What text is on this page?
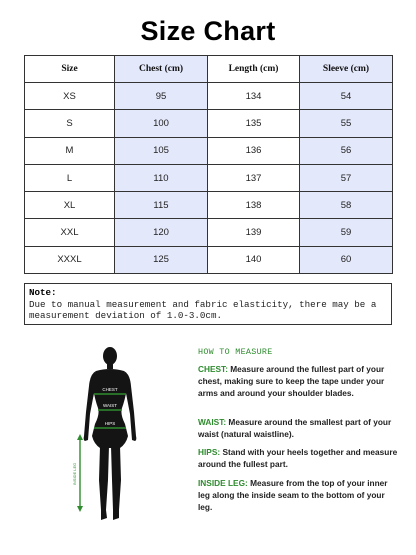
Size Chart
Size	Chest (cm)	Length (cm)	Sleeve (cm)
XS	95	134	54
S	100	135	55
M	105	136	56
L	110	137	57
XL	115	138	58
XXL	120	139	59
XXXL	125	140	60
Note:
Due to manual measurement and fabric elasticity, there may be a measurement deviation of 1.0-3.0cm.
CHEST
WAIST
HIPS
INSIDE LEG
HOW TO MEASURE
CHEST: Measure around the fullest part of your chest, making sure to keep the tape under your arms and around your shoulder blades.
WAIST: Measure around the smallest part of your waist (natural waistline).
HIPS: Stand with your heels together and measure around the fullest part.
INSIDE LEG: Measure from the top of your inner leg along the inside seam to the bottom of your leg.
